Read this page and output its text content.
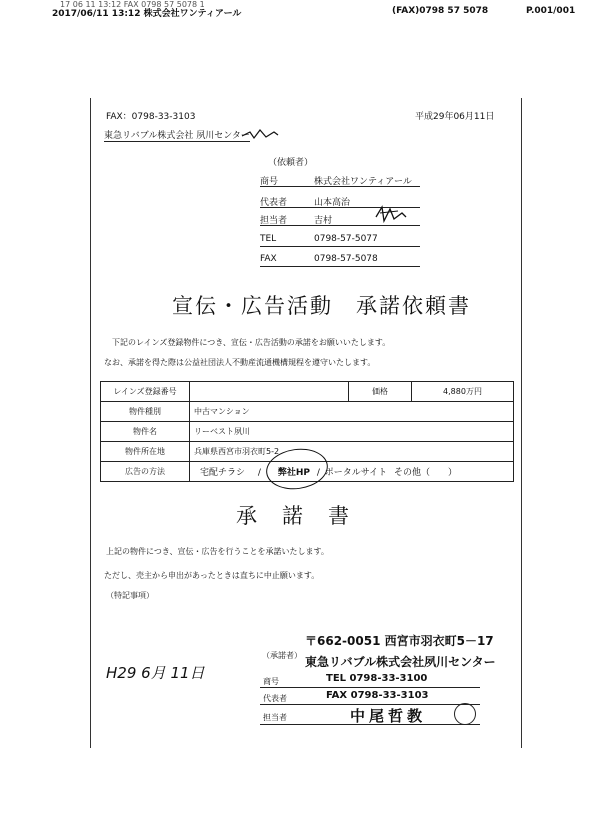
17 06 11 13:12 FAX 0798 57 5078 1
2017/06/11 13:12 株式会社ワンティアール	(FAX)0798 57 5078	P.001/001
FAX：0798-33-3103	平成29年06月11日
東急リバブル株式会社 夙川センター
（依頼者）
商号	株式会社ワンティアール
代表者	山本高治
担当者	吉村
TEL	0798-57-5077
FAX	0798-57-5078
宣伝・広告活動　承諾依頼書
下記のレインズ登録物件につき、宣伝・広告活動の承諾をお願いいたします。
なお、承諾を得た際は公益社団法人不動産流通機構規程を遵守いたします。
レインズ登録番号		価格	4,880万円
物件種別	中古マンション		
物件名	リーベスト夙川		
物件所在地	兵庫県西宮市羽衣町5-2		
広告の方法	宅配チラシ / 弊社HP / ポータルサイト その他（　　）		
承　諾　書
上記の物件につき、宣伝・広告を行うことを承諾いたします。
ただし、売主から申出があったときは直ちに中止願います。
（特記事項）
H29 6月 11日
〒662-0051 西宮市羽衣町5－17
（承諾者） 東急リバブル株式会社夙川センター
商号	TEL 0798-33-3100
代表者	FAX 0798-33-3103
担当者	中尾哲教
